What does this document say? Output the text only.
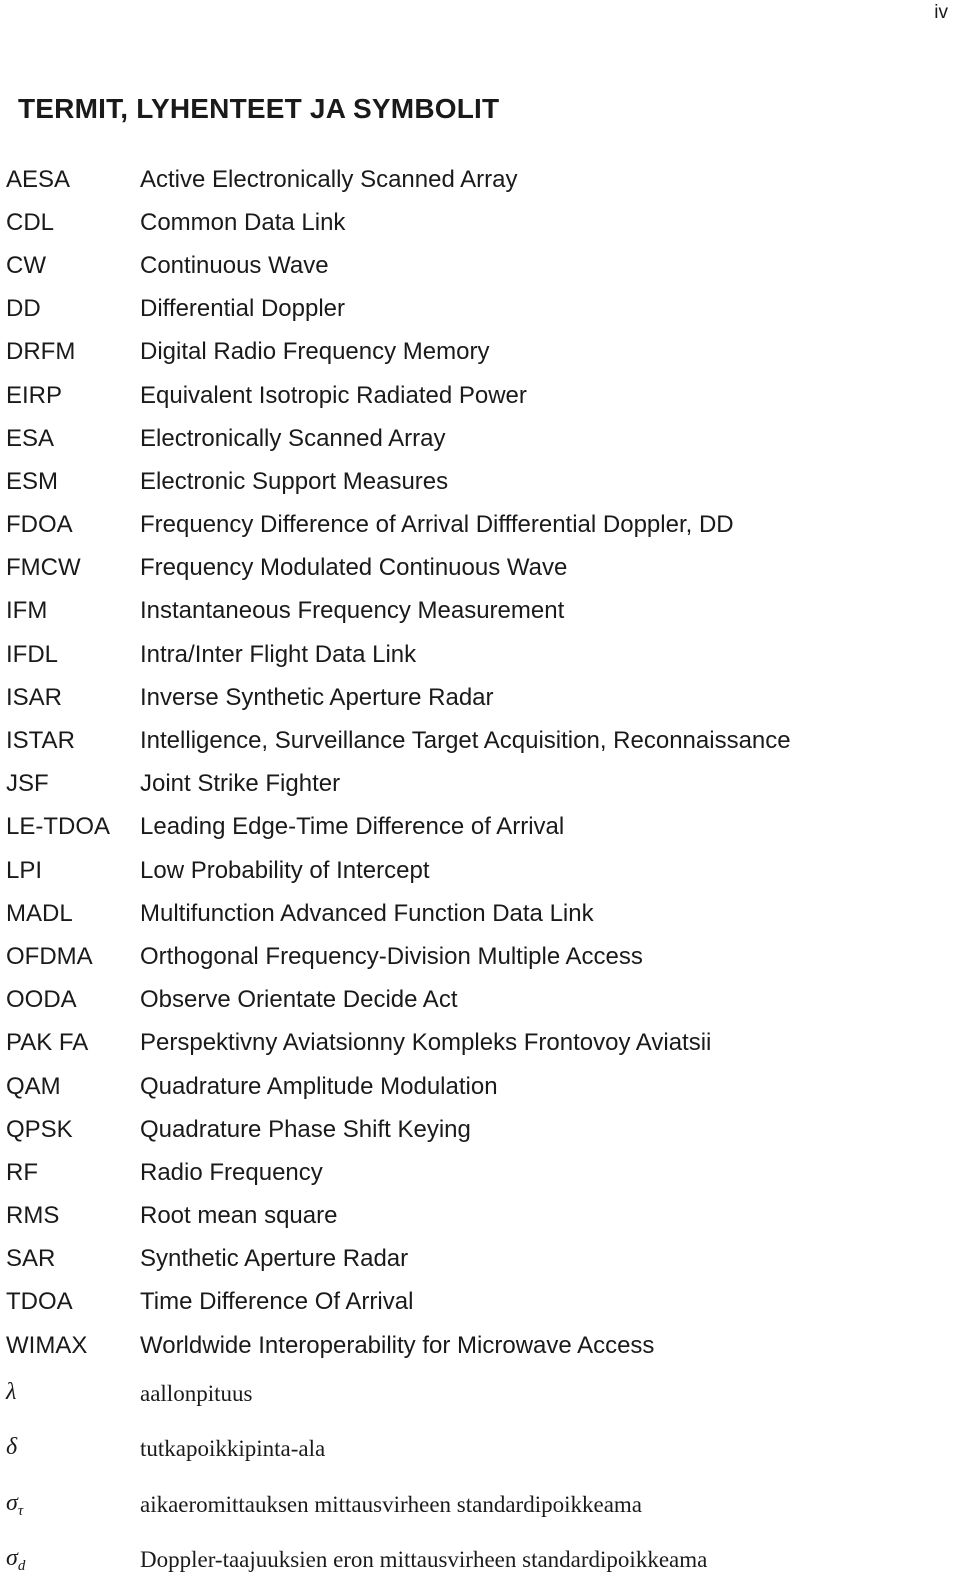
iv
TERMIT, LYHENTEET JA SYMBOLIT
AESA	Active Electronically Scanned Array
CDL	Common Data Link
CW	Continuous Wave
DD	Differential Doppler
DRFM	Digital Radio Frequency Memory
EIRP	Equivalent Isotropic Radiated Power
ESA	Electronically Scanned Array
ESM	Electronic Support Measures
FDOA	Frequency Difference of Arrival Diffferential Doppler, DD
FMCW	Frequency Modulated Continuous Wave
IFM	Instantaneous Frequency Measurement
IFDL	Intra/Inter Flight Data Link
ISAR	Inverse Synthetic Aperture Radar
ISTAR	Intelligence, Surveillance Target Acquisition, Reconnaissance
JSF	Joint Strike Fighter
LE-TDOA	Leading Edge-Time Difference of Arrival
LPI	Low Probability of Intercept
MADL	Multifunction Advanced Function Data Link
OFDMA	Orthogonal Frequency-Division Multiple Access
OODA	Observe Orientate Decide Act
PAK FA	Perspektivny Aviatsionny Kompleks Frontovoy Aviatsii
QAM	Quadrature Amplitude Modulation
QPSK	Quadrature Phase Shift Keying
RF	Radio Frequency
RMS	Root mean square
SAR	Synthetic Aperture Radar
TDOA	Time Difference Of Arrival
WIMAX	Worldwide Interoperability for Microwave Access
λ	aallonpituus
δ	tutkapoikkipinta-ala
$\sigma_\tau$	aikaeromittauksen mittausvirheen standardipoikkeama
$\sigma_d$	Doppler-taajuuksien eron mittausvirheen standardipoikkeama
